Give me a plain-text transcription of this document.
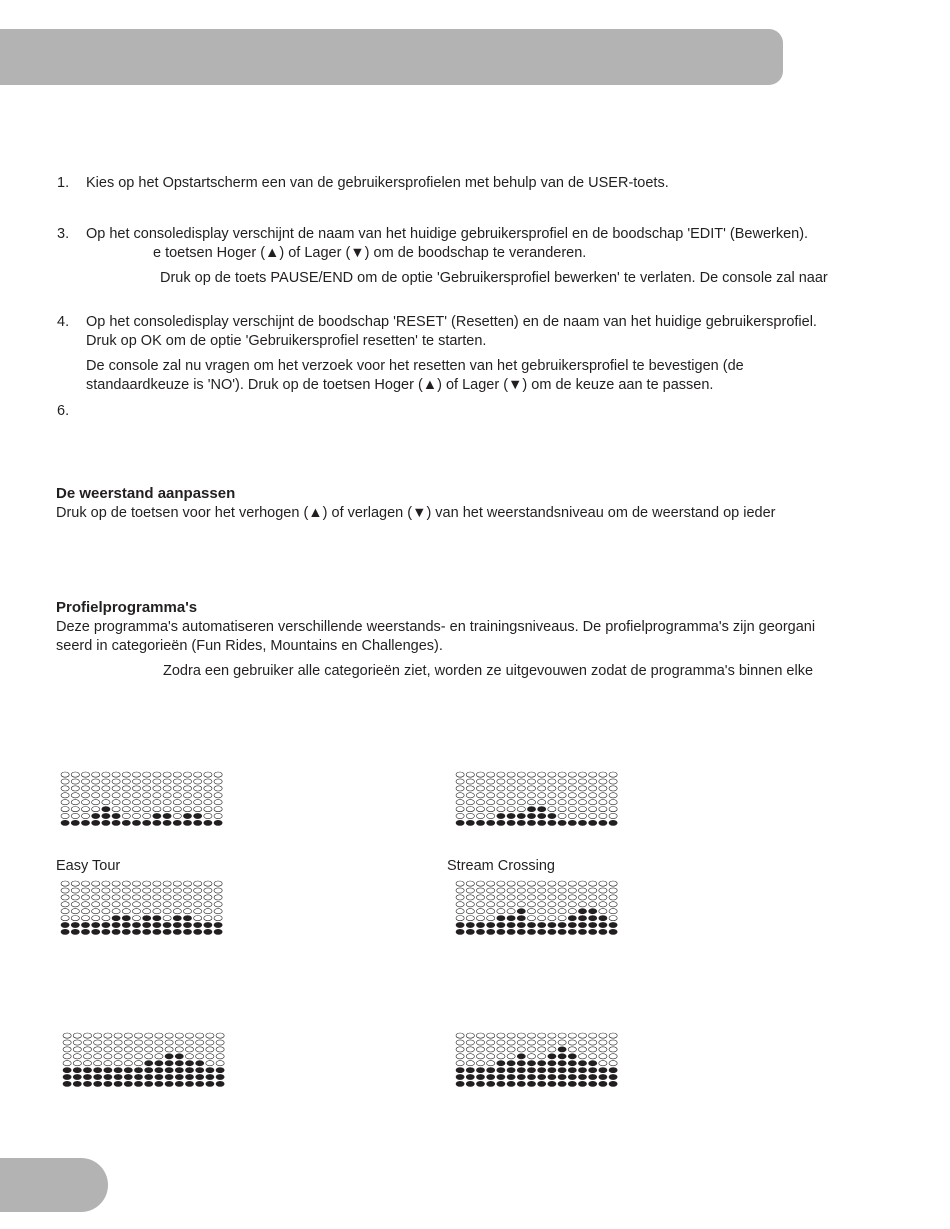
1. Kies op het Opstartscherm een van de gebruikersprofielen met behulp van de USER-toets.
3. Op het consoledisplay verschijnt de naam van het huidige gebruikersprofiel en de boodschap 'EDIT' (Bewerken).
e toetsen Hoger (▲) of Lager (▼) om de boodschap te veranderen.
Druk op de toets PAUSE/END om de optie 'Gebruikersprofiel bewerken' te verlaten. De console zal naar
4. Op het consoledisplay verschijnt de boodschap 'RESET' (Resetten) en de naam van het huidige gebruikersprofiel.
Druk op OK om de optie 'Gebruikersprofiel resetten' te starten.
De console zal nu vragen om het verzoek voor het resetten van het gebruikersprofiel te bevestigen (de
standaardkeuze is 'NO'). Druk op de toetsen Hoger (▲) of Lager (▼) om de keuze aan te passen.
6.
De weerstand aanpassen
Druk op de toetsen voor het verhogen (▲) of verlagen (▼) van het weerstandsniveau om de weerstand op ieder
Profielprogramma's
Deze programma's automatiseren verschillende weerstands- en trainingsniveaus. De profielprogramma's zijn georgani
seerd in categorieën (Fun Rides, Mountains en Challenges).
Zodra een gebruiker alle categorieën ziet, worden ze uitgevouwen zodat de programma's binnen elke
Easy Tour	Stream Crossing
